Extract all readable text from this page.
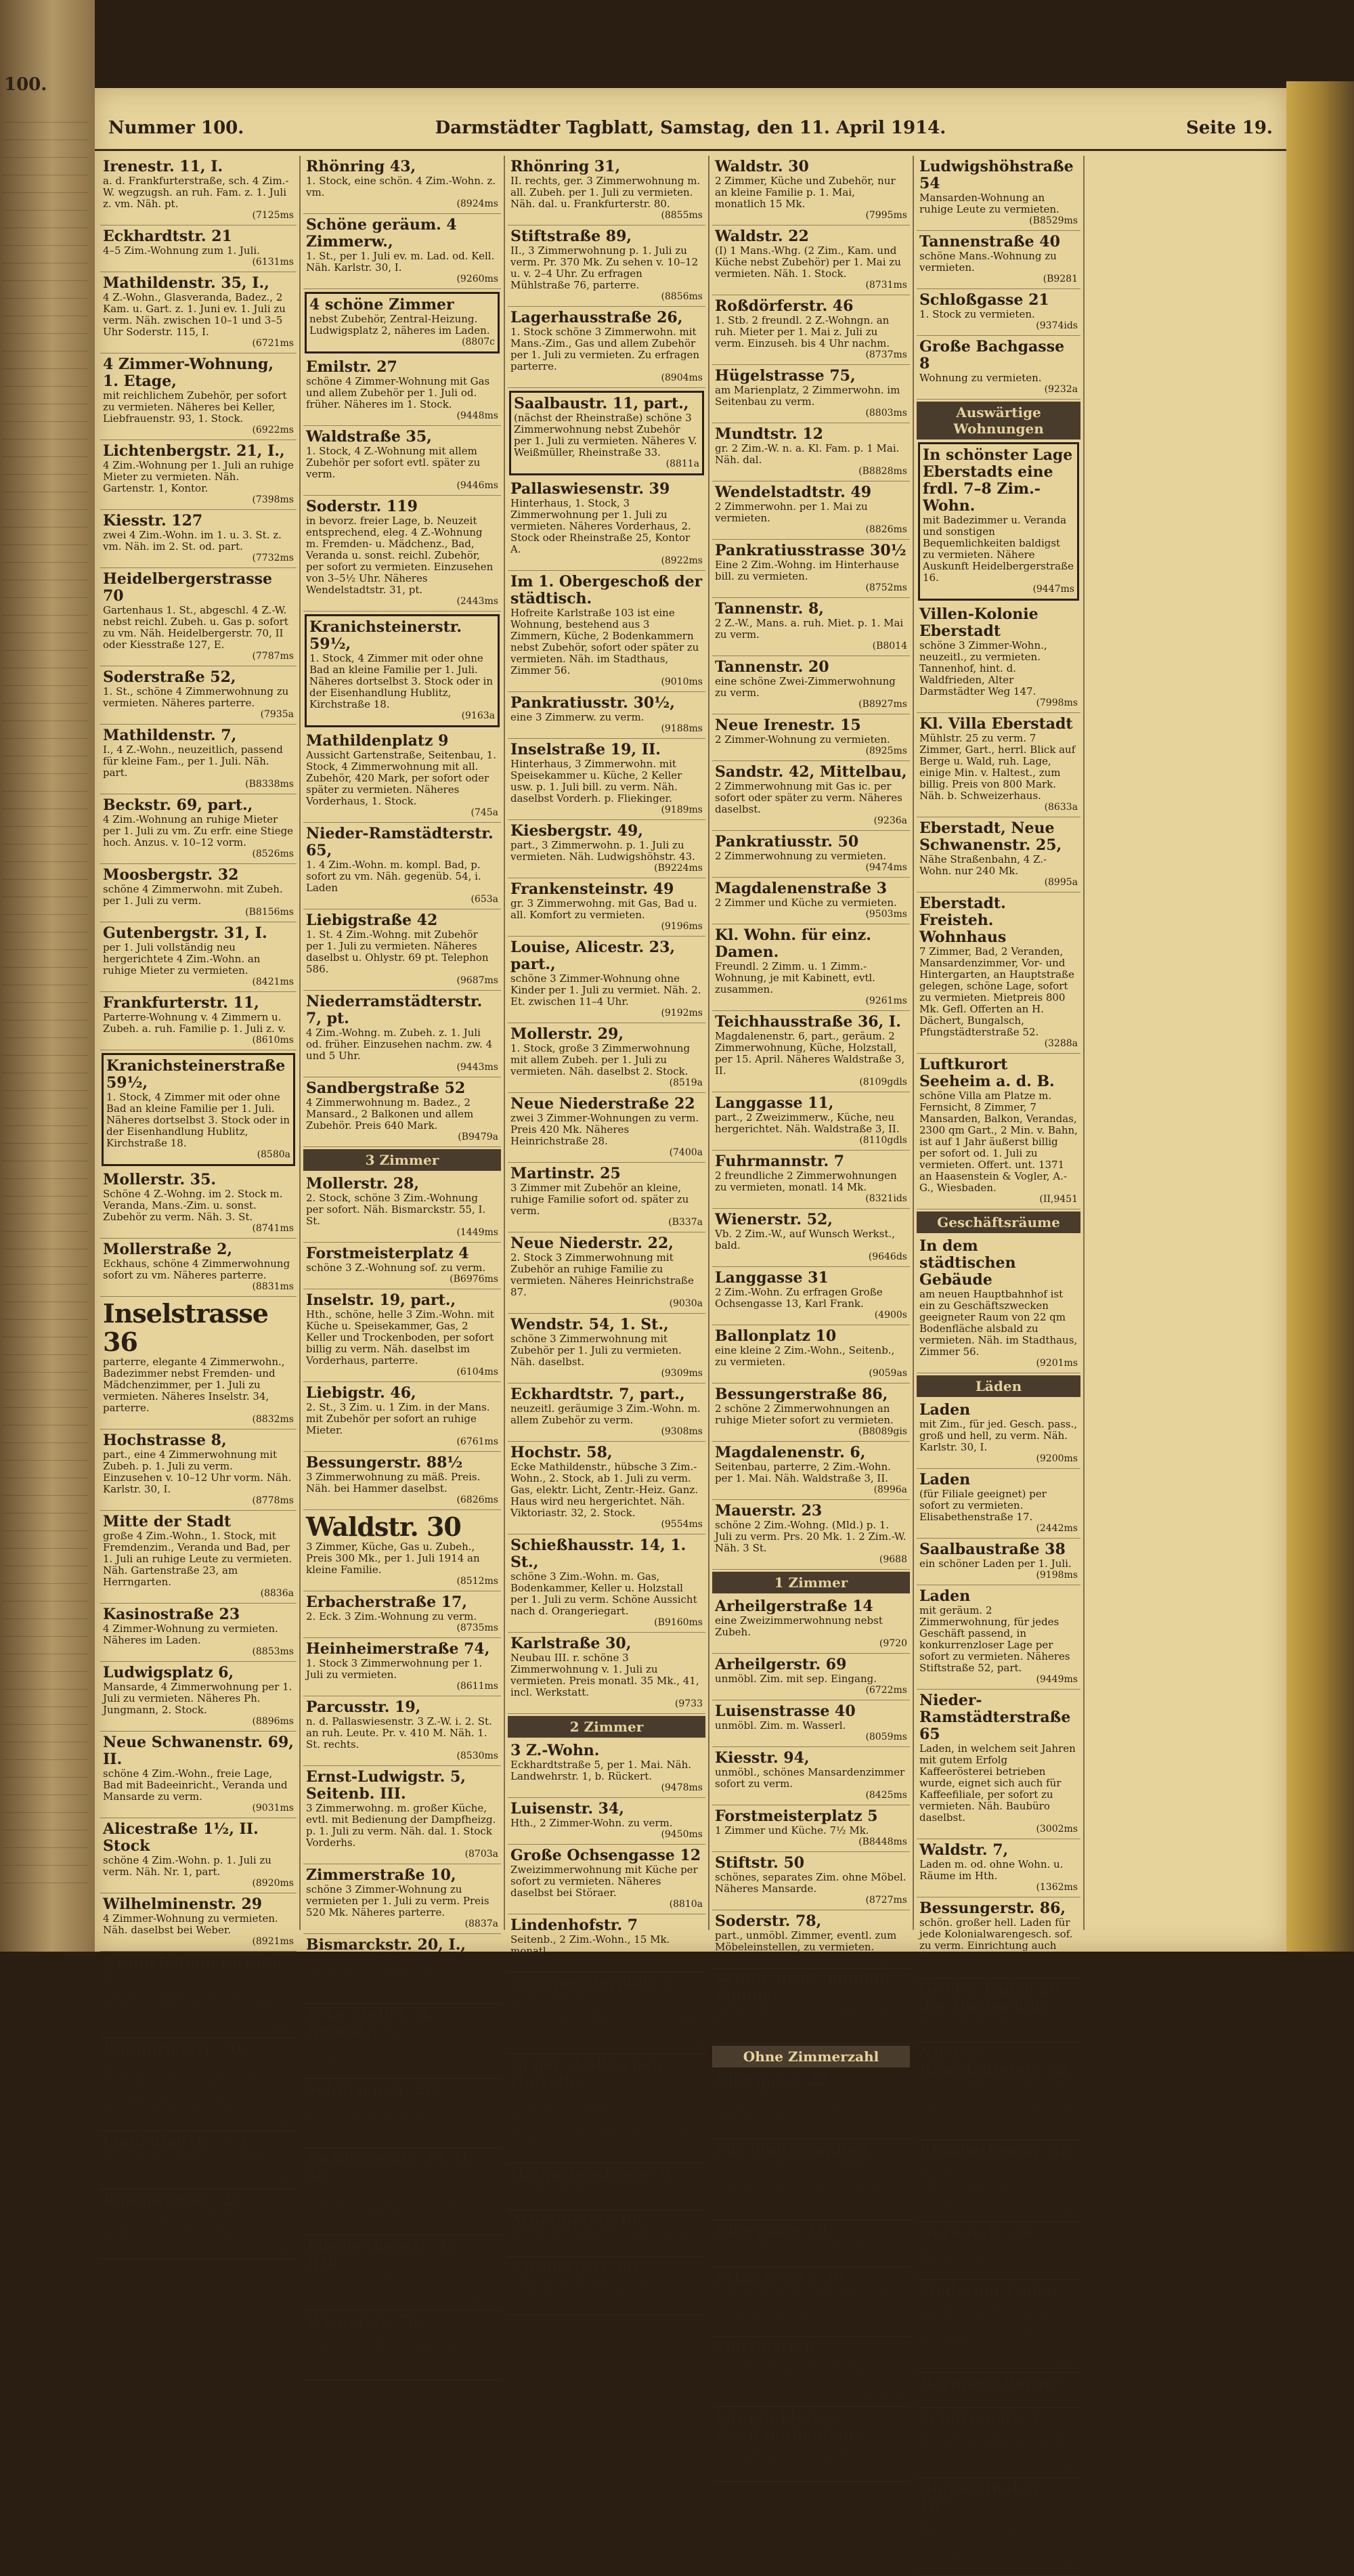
100.
Nummer 100.	Darmstädter Tagblatt, Samstag, den 11. April 1914.	Seite 19.
Irenestr. 11, I.
a. d. Frankfurterstraße, sch. 4 Zim.-W. wegzugsh. an ruh. Fam. z. 1. Juli z. vm. Näh. pt.
(7125ms
Eckhardtstr. 21
4–5 Zim.-Wohnung zum 1. Juli.
(6131ms
Mathildenstr. 35, I.,
4 Z.-Wohn., Glasveranda, Badez., 2 Kam. u. Gart. z. 1. Juni ev. 1. Juli zu verm. Näh. zwischen 10–1 und 3–5 Uhr Soderstr. 115, I.
(6721ms
4 Zimmer-Wohnung, 1. Etage,
mit reichlichem Zubehör, per sofort zu vermieten. Näheres bei Keller, Liebfrauenstr. 93, 1. Stock.
(6922ms
Lichtenbergstr. 21, I.,
4 Zim.-Wohnung per 1. Juli an ruhige Mieter zu vermieten. Näh. Gartenstr. 1, Kontor.
(7398ms
Kiesstr. 127
zwei 4 Zim.-Wohn. im 1. u. 3. St. z. vm. Näh. im 2. St. od. part.
(7732ms
Heidelbergerstrasse 70
Gartenhaus 1. St., abgeschl. 4 Z.-W. nebst reichl. Zubeh. u. Gas p. sofort zu vm. Näh. Heidelbergerstr. 70, II oder Kiesstraße 127, E.
(7787ms
Soderstraße 52,
1. St., schöne 4 Zimmerwohnung zu vermieten. Näheres parterre.
(7935a
Mathildenstr. 7,
I., 4 Z.-Wohn., neuzeitlich, passend für kleine Fam., per 1. Juli. Näh. part.
(B8338ms
Beckstr. 69, part.,
4 Zim.-Wohnung an ruhige Mieter per 1. Juli zu vm. Zu erfr. eine Stiege hoch. Anzus. v. 10–12 vorm.
(8526ms
Moosbergstr. 32
schöne 4 Zimmerwohn. mit Zubeh. per 1. Juli zu verm.
(B8156ms
Gutenbergstr. 31, I.
per 1. Juli vollständig neu hergerichtete 4 Zim.-Wohn. an ruhige Mieter zu vermieten.
(8421ms
Frankfurterstr. 11,
Parterre-Wohnung v. 4 Zimmern u. Zubeh. a. ruh. Familie p. 1. Juli z. v.
(8610ms
Kranichsteinerstraße 59½,
1. Stock, 4 Zimmer mit oder ohne Bad an kleine Familie per 1. Juli. Näheres dortselbst 3. Stock oder in der Eisenhandlung Hublitz, Kirchstraße 18.
(8580a
Mollerstr. 35.
Schöne 4 Z.-Wohng. im 2. Stock m. Veranda, Mans.-Zim. u. sonst. Zubehör zu verm. Näh. 3. St.
(8741ms
Mollerstraße 2,
Eckhaus, schöne 4 Zimmerwohnung sofort zu vm. Näheres parterre.
(8831ms
Inselstrasse 36
parterre, elegante 4 Zimmerwohn., Badezimmer nebst Fremden- und Mädchenzimmer, per 1. Juli zu vermieten. Näheres Inselstr. 34, parterre.
(8832ms
Hochstrasse 8,
part., eine 4 Zimmerwohnung mit Zubeh. p. 1. Juli zu verm. Einzusehen v. 10–12 Uhr vorm. Näh. Karlstr. 30, I.
(8778ms
Mitte der Stadt
große 4 Zim.-Wohn., 1. Stock, mit Fremdenzim., Veranda und Bad, per 1. Juli an ruhige Leute zu vermieten. Näh. Gartenstraße 23, am Herrngarten.
(8836a
Kasinostraße 23
4 Zimmer-Wohnung zu vermieten. Näheres im Laden.
(8853ms
Ludwigsplatz 6,
Mansarde, 4 Zimmerwohnung per 1. Juli zu vermieten. Näheres Ph. Jungmann, 2. Stock.
(8896ms
Neue Schwanenstr. 69, II.
schöne 4 Zim.-Wohn., freie Lage, Bad mit Badeeinricht., Veranda und Mansarde zu verm.
(9031ms
Alicestraße 1½, II. Stock
schöne 4 Zim.-Wohn. p. 1. Juli zu verm. Näh. Nr. 1, part.
(8920ms
Wilhelminenstr. 29
4 Zimmer-Wohnung zu vermieten. Näh. daselbst bei Weber.
(8921ms
Kranichsteinerstraße 5,
schöne 4 Zimmer-Wohnung. 1. Stock, mit allem Zubeh. p. 1. Juli z. vm.
(9194ms
Roßdörferstr. 70,
Ecke Wiesenstr. 1. St. mit 4 Zimmer-Wohn. m. Speisek., Baderaum, 2 Veranden u. reichl. Zubeh. per 1. Juli zu verm. Näheres daselbst 2. St. oder Ing. Weber, Dieburgerstr. 8.
(9100ms
Lindenhofstr. 7, I.
eine schöne 4 Zimmerwohnung für 420 Mk. zu vermieten.
(9253ms
Roßdörferstr. 23
schöne 4 Zimmerwohnung zu vermieten. Näheres durch L. Wagner, Gutenbergstraße 1, II.
(9254ms
Rhönring 43,
1. Stock, eine schön. 4 Zim.-Wohn. z. vm.
(8924ms
Schöne geräum. 4 Zimmerw.,
1. St., per 1. Juli ev. m. Lad. od. Kell. Näh. Karlstr. 30, I.
(9260ms
4 schöne Zimmer
nebst Zubehör, Zentral-Heizung. Ludwigsplatz 2, näheres im Laden.
(8807c
Emilstr. 27
schöne 4 Zimmer-Wohnung mit Gas und allem Zubehör per 1. Juli od. früher. Näheres im 1. Stock.
(9448ms
Waldstraße 35,
1. Stock, 4 Z.-Wohnung mit allem Zubehör per sofort evtl. später zu verm.
(9446ms
Soderstr. 119
in bevorz. freier Lage, b. Neuzeit entsprechend, eleg. 4 Z.-Wohnung m. Fremden- u. Mädchenz., Bad, Veranda u. sonst. reichl. Zubehör, per sofort zu vermieten. Einzusehen von 3–5½ Uhr. Näheres Wendelstadtstr. 31, pt.
(2443ms
Kranichsteinerstr. 59½,
1. Stock, 4 Zimmer mit oder ohne Bad an kleine Familie per 1. Juli. Näheres dortselbst 3. Stock oder in der Eisenhandlung Hublitz, Kirchstraße 18.
(9163a
Mathildenplatz 9
Aussicht Gartenstraße, Seitenbau, 1. Stock, 4 Zimmerwohnung mit all. Zubehör, 420 Mark, per sofort oder später zu vermieten. Näheres Vorderhaus, 1. Stock.
(745a
Nieder-Ramstädterstr. 65,
1. 4 Zim.-Wohn. m. kompl. Bad, p. sofort zu vm. Näh. gegenüb. 54, i. Laden
(653a
Liebigstraße 42
1. St. 4 Zim.-Wohng. mit Zubehör per 1. Juli zu vermieten. Näheres daselbst u. Ohlystr. 69 pt. Telephon 586.
(9687ms
Niederramstädterstr. 7, pt.
4 Zim.-Wohng. m. Zubeh. z. 1. Juli od. früher. Einzusehen nachm. zw. 4 und 5 Uhr.
(9443ms
Sandbergstraße 52
4 Zimmerwohnung m. Badez., 2 Mansard., 2 Balkonen und allem Zubehör. Preis 640 Mark.
(B9479a
3 Zimmer
Mollerstr. 28,
2. Stock, schöne 3 Zim.-Wohnung per sofort. Näh. Bismarckstr. 55, I. St.
(1449ms
Forstmeisterplatz 4
schöne 3 Z.-Wohnung sof. zu verm.
(B6976ms
Inselstr. 19, part.,
Hth., schöne, helle 3 Zim.-Wohn. mit Küche u. Speisekammer, Gas, 2 Keller und Trockenboden, per sofort billig zu verm. Näh. daselbst im Vorderhaus, parterre.
(6104ms
Liebigstr. 46,
2. St., 3 Zim. u. 1 Zim. in der Mans. mit Zubehör per sofort an ruhige Mieter.
(6761ms
Bessungerstr. 88½
3 Zimmerwohnung zu mäß. Preis. Näh. bei Hammer daselbst.
(6826ms
Waldstr. 30
3 Zimmer, Küche, Gas u. Zubeh., Preis 300 Mk., per 1. Juli 1914 an kleine Familie.
(8512ms
Erbacherstraße 17,
2. Eck. 3 Zim.-Wohnung zu verm.
(8735ms
Heinheimerstraße 74,
1. Stock 3 Zimmerwohnung per 1. Juli zu vermieten.
(8611ms
Parcusstr. 19,
n. d. Pallaswiesenstr. 3 Z.-W. i. 2. St. an ruh. Leute. Pr. v. 410 M. Näh. 1. St. rechts.
(8530ms
Ernst-Ludwigstr. 5, Seitenb. III.
3 Zimmerwohng. m. großer Küche, evtl. mit Bedienung der Dampfheizg. p. 1. Juli zu verm. Näh. dal. 1. Stock Vorderhs.
(8703a
Zimmerstraße 10,
schöne 3 Zimmer-Wohnung zu vermieten per 1. Juli zu verm. Preis 520 Mk. Näheres parterre.
(8837a
Bismarckstr. 20, I.,
schöne 3 Zimmerw. m. Badez. an ruhige Mieter. Einzusehen v. 10–3 Uhr. Näheres parterre.
(8892ms
Ecke Moller- u. Irenestr. 7,
I. Sch. 3 Zim.-Wohn. (evtl. 4 Z.) sof. zu vm. Näh. part.
(8751ms
Schützenstr. 20,
3 Zim.-Wohn. m. Gas, im 1. St. p. 1. Juli zu vermieten. Näh. b. Fr. Schwebel.
(8749ms
Roßdörferstr. 59, II. St.
zwei Wohnungen à 3 Zim., Ver., Speisek. u. M. 460 – p. 1. Juli z. verm. Auskunft: Wendelstadtstr. 29.
(8748ms
Elisabethenstr. 46 Hth.
Eine 3 Z.-W. m. Zub. Näh. Frankfurtstr. 53.
(8743ms
Wienerstr. 70
(Stb. 1 St.) schöne geräum. 3 Z.-Wohn. p. 1. Juli zu v. Auf Wunsch Gartenant.
(8738ms
Rhönring 31,
II. rechts, ger. 3 Zimmerwohnung m. all. Zubeh. per 1. Juli zu vermieten. Näh. dal. u. Frankfurterstr. 80.
(8855ms
Stiftstraße 89,
II., 3 Zimmerwohnung p. 1. Juli zu verm. Pr. 370 Mk. Zu sehen v. 10–12 u. v. 2–4 Uhr. Zu erfragen Mühlstraße 76, parterre.
(8856ms
Lagerhausstraße 26,
1. Stock schöne 3 Zimmerwohn. mit Mans.-Zim., Gas und allem Zubehör per 1. Juli zu vermieten. Zu erfragen parterre.
(8904ms
Saalbaustr. 11, part.,
(nächst der Rheinstraße) schöne 3 Zimmerwohnung nebst Zubehör per 1. Juli zu vermieten. Näheres V. Weißmüller, Rheinstraße 33.
(8811a
Pallaswiesenstr. 39
Hinterhaus, 1. Stock, 3 Zimmerwohnung per 1. Juli zu vermieten. Näheres Vorderhaus, 2. Stock oder Rheinstraße 25, Kontor A.
(8922ms
Im 1. Obergeschoß der städtisch.
Hofreite Karlstraße 103 ist eine Wohnung, bestehend aus 3 Zimmern, Küche, 2 Bodenkammern nebst Zubehör, sofort oder später zu vermieten. Näh. im Stadthaus, Zimmer 56.
(9010ms
Pankratiusstr. 30½,
eine 3 Zimmerw. zu verm.
(9188ms
Inselstraße 19, II.
Hinterhaus, 3 Zimmerwohn. mit Speisekammer u. Küche, 2 Keller usw. p. 1. Juli bill. zu verm. Näh. daselbst Vorderh. p. Fliekinger.
(9189ms
Kiesbergstr. 49,
part., 3 Zimmerwohn. p. 1. Juli zu vermieten. Näh. Ludwigshöhstr. 43.
(B9224ms
Frankensteinstr. 49
gr. 3 Zimmerwohng. mit Gas, Bad u. all. Komfort zu vermieten.
(9196ms
Louise, Alicestr. 23, part.,
schöne 3 Zimmer-Wohnung ohne Kinder per 1. Juli zu vermiet. Näh. 2. Et. zwischen 11–4 Uhr.
(9192ms
Mollerstr. 29,
1. Stock, große 3 Zimmerwohnung mit allem Zubeh. per 1. Juli zu vermieten. Näh. daselbst 2. Stock.
(8519a
Neue Niederstraße 22
zwei 3 Zimmer-Wohnungen zu verm. Preis 420 Mk. Näheres Heinrichstraße 28.
(7400a
Martinstr. 25
3 Zimmer mit Zubehör an kleine, ruhige Familie sofort od. später zu verm.
(B337a
Neue Niederstr. 22,
2. Stock 3 Zimmerwohnung mit Zubehör an ruhige Familie zu vermieten. Näheres Heinrichstraße 87.
(9030a
Wendstr. 54, 1. St.,
schöne 3 Zimmerwohnung mit Zubehör per 1. Juli zu vermieten. Näh. daselbst.
(9309ms
Eckhardtstr. 7, part.,
neuzeitl. geräumige 3 Zim.-Wohn. m. allem Zubehör zu verm.
(9308ms
Hochstr. 58,
Ecke Mathildenstr., hübsche 3 Zim.-Wohn., 2. Stock, ab 1. Juli zu verm. Gas, elektr. Licht, Zentr.-Heiz. Ganz. Haus wird neu hergerichtet. Näh. Viktoriastr. 32, 2. Stock.
(9554ms
Schießhausstr. 14, 1. St.,
schöne 3 Zim.-Wohn. m. Gas, Bodenkammer, Keller u. Holzstall per 1. Juli zu verm. Schöne Aussicht nach d. Orangeriegart.
(B9160ms
Karlstraße 30,
Neubau III. r. schöne 3 Zimmerwohnung v. 1. Juli zu vermieten. Preis monatl. 35 Mk., 41, incl. Werkstatt.
(9733
2 Zimmer
3 Z.-Wohn.
Eckhardtstraße 5, per 1. Mai. Näh. Landwehrstr. 1, b. Rückert.
(9478ms
Luisenstr. 34,
Hth., 2 Zimmer-Wohn. zu verm.
(9450ms
Große Ochsengasse 12
Zweizimmerwohnung mit Küche per sofort zu vermieten. Näheres daselbst bei Störaer.
(8810a
Lindenhofstr. 7
Seitenb., 2 Zim.-Wohn., 15 Mk. monatl.
(B7116ms
Forstmeisterplatz 5
(neuer Mittelbau), hell. 2 Zim.-Wohn., Klosett im Abschl., p. 1. Juli u. 1. Seitenb. 2 Zim., Küche, monatl. 12 Mk.
(B
In der städtischen Hofreite
Lindenhofstraße 5 ist eine kleine Wohnung, bestehend aus zwei Zimmern nebst Küche, auf den 15. April bs. Js. zu vermieten. Näh. im Stadthaus, Zimmer 56.
(9011ms
Hofgartenstrasse 9
2×2 Zim.-Wohn. sofort.
(7724ms
Arheilgerstr. 69,
II. 2 Zimmerwohnung an kl. Familie.
(9538ms
Kiesbergstr. 60
2 Zimmerwohnung m. allem Zubeh. im Dachstock. Näh. part.
(B82
Waldstr. 30
2 Zimmer, Küche und Zubehör, nur an kleine Familie p. 1. Mai, monatlich 15 Mk.
(7995ms
Waldstr. 22
(I) 1 Mans.-Whg. (2 Zim., Kam. und Küche nebst Zubehör) per 1. Mai zu vermieten. Näh. 1. Stock.
(8731ms
Roßdörferstr. 46
1. Stb. 2 freundl. 2 Z.-Wohngn. an ruh. Mieter per 1. Mai z. Juli zu verm. Einzuseh. bis 4 Uhr nachm.
(8737ms
Hügelstrasse 75,
am Marienplatz, 2 Zimmerwohn. im Seitenbau zu verm.
(8803ms
Mundtstr. 12
gr. 2 Zim.-W. n. a. Kl. Fam. p. 1 Mai. Näh. dal.
(B8828ms
Wendelstadtstr. 49
2 Zimmerwohn. per 1. Mai zu vermieten.
(8826ms
Pankratiusstrasse 30½
Eine 2 Zim.-Wohng. im Hinterhause bill. zu vermieten.
(8752ms
Tannenstr. 8,
2 Z.-W., Mans. a. ruh. Miet. p. 1. Mai zu verm.
(B8014
Tannenstr. 20
eine schöne Zwei-Zimmerwohnung zu verm.
(B8927ms
Neue Irenestr. 15
2 Zimmer-Wohnung zu vermieten.
(8925ms
Sandstr. 42, Mittelbau,
2 Zimmerwohnung mit Gas ic. per sofort oder später zu verm. Näheres daselbst.
(9236a
Pankratiusstr. 50
2 Zimmerwohnung zu vermieten.
(9474ms
Magdalenenstraße 3
2 Zimmer und Küche zu vermieten.
(9503ms
Kl. Wohn. für einz. Damen.
Freundl. 2 Zimm. u. 1 Zimm.-Wohnung, je mit Kabinett, evtl. zusammen.
(9261ms
Teichhausstraße 36, I.
Magdalenenstr. 6, part., geräum. 2 Zimmerwohnung, Küche, Holzstall, per 15. April. Näheres Waldstraße 3, II.
(8109gdls
Langgasse 11,
part., 2 Zweizimmerw., Küche, neu hergerichtet. Näh. Waldstraße 3, II.
(8110gdls
Fuhrmannstr. 7
2 freundliche 2 Zimmerwohnungen zu vermieten, monatl. 14 Mk.
(8321ids
Wienerstr. 52,
Vb. 2 Zim.-W., auf Wunsch Werkst., bald.
(9646ds
Langgasse 31
2 Zim.-Wohn. Zu erfragen Große Ochsengasse 13, Karl Frank.
(4900s
Ballonplatz 10
eine kleine 2 Zim.-Wohn., Seitenb., zu vermieten.
(9059as
Bessungerstraße 86,
2 schöne 2 Zimmerwohnungen an ruhige Mieter sofort zu vermieten.
(B8089gis
Magdalenenstr. 6,
Seitenbau, parterre, 2 Zim.-Wohn. per 1. Mai. Näh. Waldstraße 3, II.
(8996a
Mauerstr. 23
schöne 2 Zim.-Wohng. (Mld.) p. 1. Juli zu verm. Prs. 20 Mk. 1. 2 Zim.-W. Näh. 3 St.
(9688
1 Zimmer
Arheilgerstraße 14
eine Zweizimmerwohnung nebst Zubeh.
(9720
Arheilgerstr. 69
unmöbl. Zim. mit sep. Eingang.
(6722ms
Luisenstrasse 40
unmöbl. Zim. m. Wasserl.
(8059ms
Kiesstr. 94,
unmöbl., schönes Mansardenzimmer sofort zu verm.
(8425ms
Forstmeisterplatz 5
1 Zimmer und Küche. 7½ Mk.
(B8448ms
Stiftstr. 50
schönes, separates Zim. ohne Möbel. Näheres Mansarde.
(8727ms
Soderstr. 78,
part., unmöbl. Zimmer, eventl. zum Möbeleinstellen, zu vermieten.
(8520ms
Schön, groß. unmöbl. Zimmer
an anst. Person sof. zu verm. Näh. Karlstr. 8, 2. St.
(9048sms
Ohne Zimmerzahl
Obergasse 22
Stube u. Küche nebst Zubehör zu vermieten. Näheres b. Bollhardt, Obergasse 24.
(9443s
Für Photographen.
Georgenstraße 1½ soll Wohnung nebst Atelier anderweitig vermietet werden. Näheres durch C. W. Braun, Martinstraße 74.
(B664ms
Obergasse 18
kleine Wohnung zu vermieten.
(6806ms
Erbacherstr. 46
Hth. kleine Wohng. mit abgeschloss. Vorplatz, pass. für 1–2 Pers., per sofort zu vermieten.
(7157ms
Martinstr. 8
Mansardenwohn. an ruhige Leute per 1. Juli, schöne Gartenzimmer zu verm.
(B3041ms
Für ein kleines Zweifamilienhaus
als Doppelhaus, wird ein Partner gesucht. Offert. F 32 Exp.
(9725sz
Ludwigshöhstraße 54
Mansarden-Wohnung an ruhige Leute zu vermieten.
(B8529ms
Tannenstraße 40
schöne Mans.-Wohnung zu vermieten.
(B9281
Schloßgasse 21
1. Stock zu vermieten.
(9374ids
Große Bachgasse 8
Wohnung zu vermieten.
(9232a
Auswärtige Wohnungen
In schönster Lage Eberstadts eine frdl. 7–8 Zim.-Wohn.
mit Badezimmer u. Veranda und sonstigen Bequemlichkeiten baldigst zu vermieten. Nähere Auskunft Heidelbergerstraße 16.
(9447ms
Villen-Kolonie Eberstadt
schöne 3 Zimmer-Wohn., neuzeitl., zu vermieten. Tannenhof, hint. d. Waldfrieden, Alter Darmstädter Weg 147.
(7998ms
Kl. Villa Eberstadt
Mühlstr. 25 zu verm. 7 Zimmer, Gart., herrl. Blick auf Berge u. Wald, ruh. Lage, einige Min. v. Haltest., zum billig. Preis von 800 Mark. Näh. b. Schweizerhaus.
(8633a
Eberstadt, Neue Schwanenstr. 25,
Nähe Straßenbahn, 4 Z.-Wohn. nur 240 Mk.
(8995a
Eberstadt. Freisteh. Wohnhaus
7 Zimmer, Bad, 2 Veranden, Mansardenzimmer, Vor- und Hintergarten, an Hauptstraße gelegen, schöne Lage, sofort zu vermieten. Mietpreis 800 Mk. Gefl. Offerten an H. Dächert, Bungalsch, Pfungstädterstraße 52.
(3288a
Luftkurort Seeheim a. d. B.
schöne Villa am Platze m. Fernsicht, 8 Zimmer, 7 Mansarden, Balkon, Verandas, 2300 qm Gart., 2 Min. v. Bahn, ist auf 1 Jahr äußerst billig per sofort od. 1. Juli zu vermieten. Offert. unt. 1371 an Haasenstein & Vogler, A.-G., Wiesbaden.
(II,9451
Geschäftsräume
In dem städtischen Gebäude
am neuen Hauptbahnhof ist ein zu Geschäftszwecken geeigneter Raum von 22 qm Bodenfläche alsbald zu vermieten. Näh. im Stadthaus, Zimmer 56.
(9201ms
Läden
Laden
mit Zim., für jed. Gesch. pass., groß und hell, zu verm. Näh. Karlstr. 30, I.
(9200ms
Laden
(für Filiale geeignet) per sofort zu vermieten. Elisabethenstraße 17.
(2442ms
Saalbaustraße 38
ein schöner Laden per 1. Juli.
(9198ms
Laden
mit geräum. 2 Zimmerwohnung, für jedes Geschäft passend, in konkurrenzloser Lage per sofort zu vermieten. Näheres Stiftstraße 52, part.
(9449ms
Nieder-Ramstädterstraße 65
Laden, in welchem seit Jahren mit gutem Erfolg Kaffeerösterei betrieben wurde, eignet sich auch für Kaffeefiliale, per sofort zu vermieten. Näh. Baubüro daselbst.
(3002ms
Waldstr. 7,
Laden m. od. ohne Wohn. u. Räume im Hth.
(1362ms
Bessungerstr. 86,
schön. großer hell. Laden für jede Kolonialwarengesch. sof. zu verm. Einrichtung auch billig zu verkaufen.
(B8088gis
Großer Laden an der Hochschule
per 1. Juli zu verm.
(8001ms
Nieder-Ramstädterstr. 22
heller Laden, 2 Schauf., mit anstoß. Wohnung per 1. Juli. Einzus. 8–10 u. 6–8 Uhr. Näh. 1. Stock.
(8071a
Elisabethenstr. 46.
Laden u. Ladenzim. mit 5 Zim.-Wohn. evtl. geteilt per 1. Juli zu vermieten. Näh. Frankfurterstr. 53.
(8742ms
Neckarstr. 26
nächst d. Drag.-Kas. Laden m. Zim. p. 1. Juli.
(8754ms
Moderner Laden
mit zwei Schaufenster, Zimmer u. Lagerraum, für jedes Geschäft geeignet, in der Marktpassage zu vermieten.
(8056ms
Hermann Berger
Ernst-Ludwigstraße 10, 2. St.
Schützenstr. 4,
Zentrum d. Stadt, groß. hell. Laden m. 4 Zimmern. alsbald zu vermieten.
(9195ms
Blumenthalstr. 107
Laden m. 2 Zimmer. mit Zubehör per 1. Juli zu vermieten. Näheres daselbst 1. Stock.
(9245ms
